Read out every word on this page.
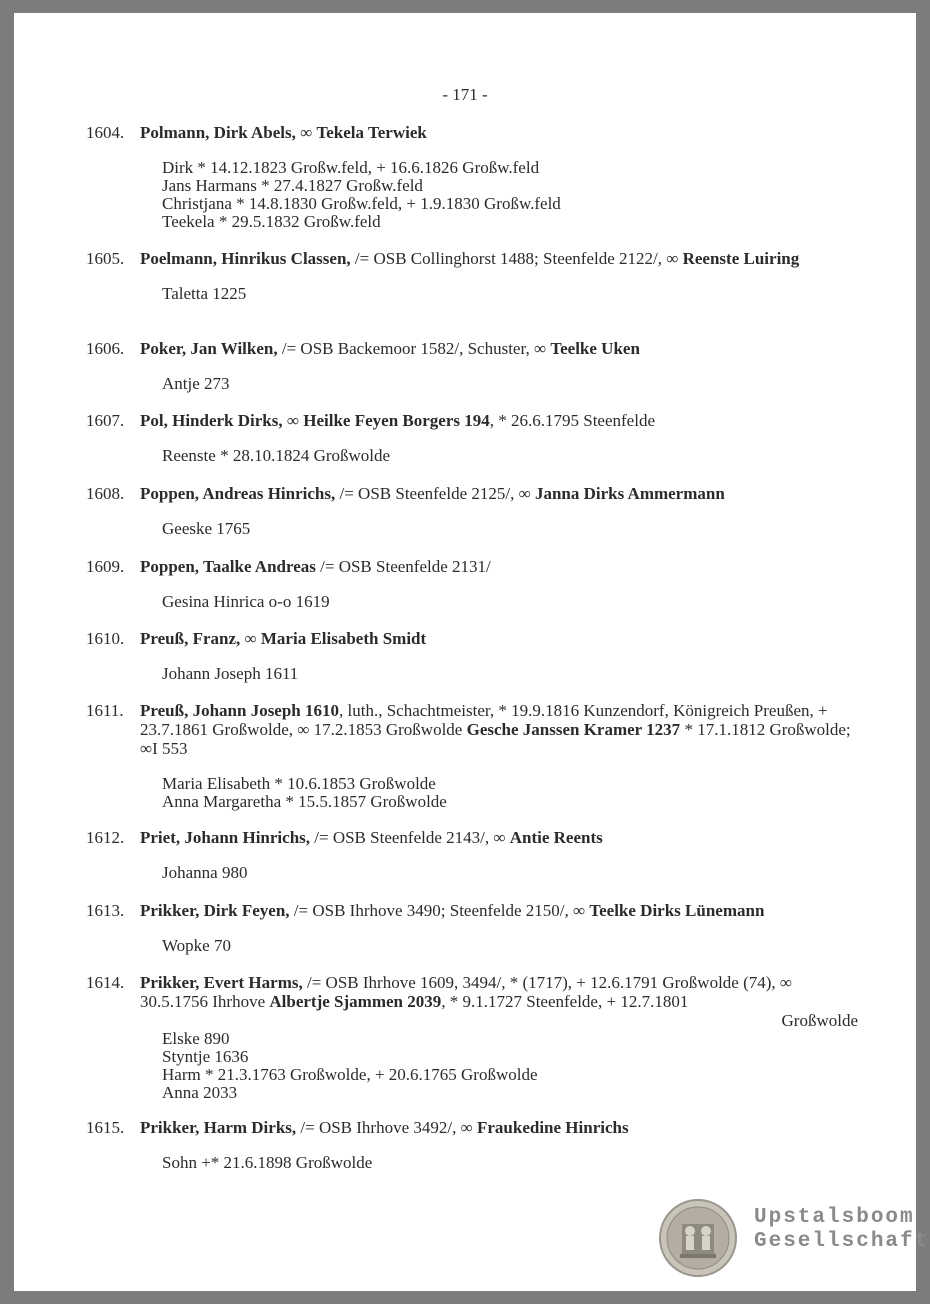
- 171 -
1604. Polmann, Dirk Abels, ∞ Tekela Terwiek
Dirk * 14.12.1823 Großw.feld, + 16.6.1826 Großw.feld
Jans Harmans * 27.4.1827 Großw.feld
Christjana * 14.8.1830 Großw.feld, + 1.9.1830 Großw.feld
Teekela * 29.5.1832 Großw.feld
1605. Poelmann, Hinrikus Classen, /= OSB Collinghorst 1488; Steenfelde 2122/, ∞ Reenste Luiring
Taletta 1225
1606. Poker, Jan Wilken, /= OSB Backemoor 1582/, Schuster, ∞ Teelke Uken
Antje 273
1607. Pol, Hinderk Dirks, ∞ Heilke Feyen Borgers 194, * 26.6.1795 Steenfelde
Reenste * 28.10.1824 Großwolde
1608. Poppen, Andreas Hinrichs, /= OSB Steenfelde 2125/, ∞ Janna Dirks Ammermann
Geeske 1765
1609. Poppen, Taalke Andreas /= OSB Steenfelde 2131/
Gesina Hinrica o-o 1619
1610. Preuß, Franz, ∞ Maria Elisabeth Smidt
Johann Joseph 1611
1611. Preuß, Johann Joseph 1610, luth., Schachtmeister, * 19.9.1816 Kunzendorf, Königreich Preußen, + 23.7.1861 Großwolde, ∞ 17.2.1853 Großwolde Gesche Janssen Kramer 1237 * 17.1.1812 Großwolde; ∞I 553
Maria Elisabeth * 10.6.1853 Großwolde
Anna Margaretha * 15.5.1857 Großwolde
1612. Priet, Johann Hinrichs, /= OSB Steenfelde 2143/, ∞ Antie Reents
Johanna 980
1613. Prikker, Dirk Feyen, /= OSB Ihrhove 3490; Steenfelde 2150/, ∞ Teelke Dirks Lünemann
Wopke 70
1614. Prikker, Evert Harms, /= OSB Ihrhove 1609, 3494/, * (1717), + 12.6.1791 Großwolde (74), ∞ 30.5.1756 Ihrhove Albertje Sjammen 2039, * 9.1.1727 Steenfelde, + 12.7.1801
Großwolde
Elske 890
Styntje 1636
Harm * 21.3.1763 Großwolde, + 20.6.1765 Großwolde
Anna 2033
1615. Prikker, Harm Dirks, /= OSB Ihrhove 3492/, ∞ Fraukedine Hinrichs
Sohn +* 21.6.1898 Großwolde
Upstalsboom
Gesellschaft
